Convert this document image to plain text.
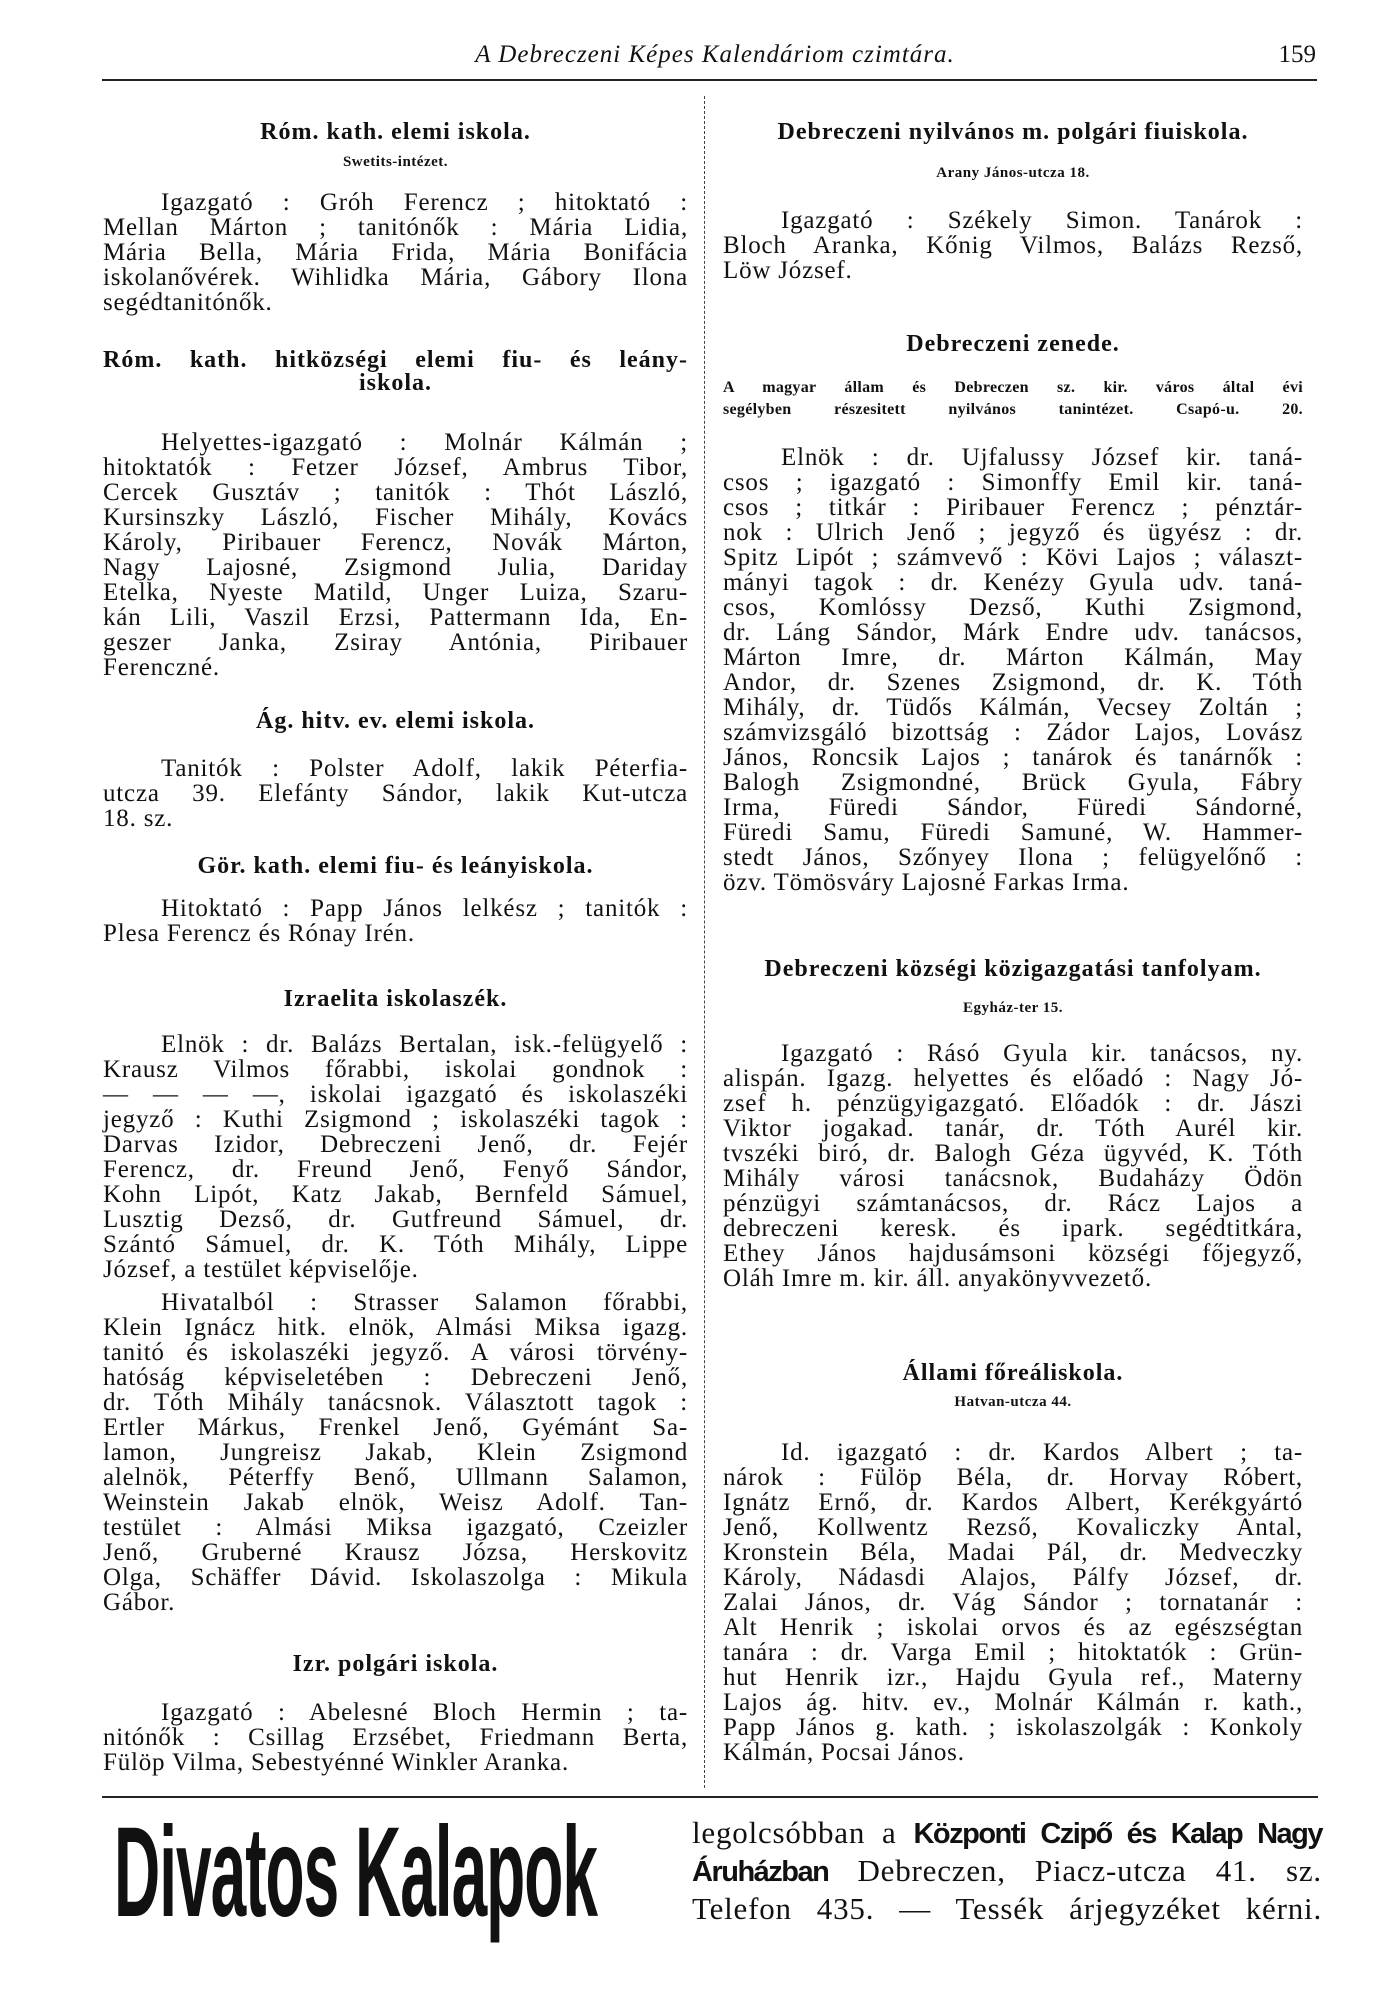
A Debreczeni Képes Kalendáriom czimtára.	159
Róm. kath. elemi iskola.
Swetits-intézet.
Igazgató : Gróh Ferencz ; hitoktató :
Mellan Márton ; tanitónők : Mária Lidia,
Mária Bella, Mária Frida, Mária Bonifácia
iskolanővérek. Wihlidka Mária, Gábory Ilona
segédtanitónők.
Róm. kath. hitközségi elemi fiu- és leány-
iskola.
Helyettes-igazgató : Molnár Kálmán ;
hitoktatók : Fetzer József, Ambrus Tibor,
Cercek Gusztáv ; tanitók : Thót László,
Kursinszky László, Fischer Mihály, Kovács
Károly, Piribauer Ferencz, Novák Márton,
Nagy Lajosné, Zsigmond Julia, Dariday
Etelka, Nyeste Matild, Unger Luiza, Szaru-
kán Lili, Vaszil Erzsi, Pattermann Ida, En-
geszer Janka, Zsiray Antónia, Piribauer
Ferenczné.
Ág. hitv. ev. elemi iskola.
Tanitók : Polster Adolf, lakik Péterfia-
utcza 39. Elefánty Sándor, lakik Kut-utcza
18. sz.
Gör. kath. elemi fiu- és leányiskola.
Hitoktató : Papp János lelkész ; tanitók :
Plesa Ferencz és Rónay Irén.
Izraelita iskolaszék.
Elnök : dr. Balázs Bertalan, isk.-felügyelő :
Krausz Vilmos főrabbi, iskolai gondnok :
— — — —, iskolai igazgató és iskolaszéki
jegyző : Kuthi Zsigmond ; iskolaszéki tagok :
Darvas Izidor, Debreczeni Jenő, dr. Fejér
Ferencz, dr. Freund Jenő, Fenyő Sándor,
Kohn Lipót, Katz Jakab, Bernfeld Sámuel,
Lusztig Dezső, dr. Gutfreund Sámuel, dr.
Szántó Sámuel, dr. K. Tóth Mihály, Lippe
József, a testület képviselője.
Hivatalból : Strasser Salamon főrabbi,
Klein Ignácz hitk. elnök, Almási Miksa igazg.
tanitó és iskolaszéki jegyző. A városi törvény-
hatóság képviseletében : Debreczeni Jenő,
dr. Tóth Mihály tanácsnok. Választott tagok :
Ertler Márkus, Frenkel Jenő, Gyémánt Sa-
lamon, Jungreisz Jakab, Klein Zsigmond
alelnök, Péterffy Benő, Ullmann Salamon,
Weinstein Jakab elnök, Weisz Adolf. Tan-
testület : Almási Miksa igazgató, Czeizler
Jenő, Gruberné Krausz Józsa, Herskovitz
Olga, Schäffer Dávid. Iskolaszolga : Mikula
Gábor.
Izr. polgári iskola.
Igazgató : Abelesné Bloch Hermin ; ta-
nitónők : Csillag Erzsébet, Friedmann Berta,
Fülöp Vilma, Sebestyénné Winkler Aranka.
Debreczeni nyilvános m. polgári fiuiskola.
Arany János-utcza 18.
Igazgató : Székely Simon. Tanárok :
Bloch Aranka, Kőnig Vilmos, Balázs Rezső,
Löw József.
Debreczeni zenede.
A magyar állam és Debreczen sz. kir. város által évi
segélyben részesitett nyilvános tanintézet. Csapó-u. 20.
Elnök : dr. Ujfalussy József kir. taná-
csos ; igazgató : Simonffy Emil kir. taná-
csos ; titkár : Piribauer Ferencz ; pénztár-
nok : Ulrich Jenő ; jegyző és ügyész : dr.
Spitz Lipót ; számvevő : Kövi Lajos ; választ-
mányi tagok : dr. Kenézy Gyula udv. taná-
csos, Komlóssy Dezső, Kuthi Zsigmond,
dr. Láng Sándor, Márk Endre udv. tanácsos,
Márton Imre, dr. Márton Kálmán, May
Andor, dr. Szenes Zsigmond, dr. K. Tóth
Mihály, dr. Tüdős Kálmán, Vecsey Zoltán ;
számvizsgáló bizottság : Zádor Lajos, Lovász
János, Roncsik Lajos ; tanárok és tanárnők :
Balogh Zsigmondné, Brück Gyula, Fábry
Irma, Füredi Sándor, Füredi Sándorné,
Füredi Samu, Füredi Samuné, W. Hammer-
stedt János, Szőnyey Ilona ; felügyelőnő :
özv. Tömösváry Lajosné Farkas Irma.
Debreczeni községi közigazgatási tanfolyam.
Egyház-ter 15.
Igazgató : Rásó Gyula kir. tanácsos, ny.
alispán. Igazg. helyettes és előadó : Nagy Jó-
zsef h. pénzügyigazgató. Előadók : dr. Jászi
Viktor jogakad. tanár, dr. Tóth Aurél kir.
tvszéki biró, dr. Balogh Géza ügyvéd, K. Tóth
Mihály városi tanácsnok, Budaházy Ödön
pénzügyi számtanácsos, dr. Rácz Lajos a
debreczeni keresk. és ipark. segédtitkára,
Ethey János hajdusámsoni községi főjegyző,
Oláh Imre m. kir. áll. anyakönyvvezető.
Állami főreáliskola.
Hatvan-utcza 44.
Id. igazgató : dr. Kardos Albert ; ta-
nárok : Fülöp Béla, dr. Horvay Róbert,
Ignátz Ernő, dr. Kardos Albert, Kerékgyártó
Jenő, Kollwentz Rezső, Kovaliczky Antal,
Kronstein Béla, Madai Pál, dr. Medveczky
Károly, Nádasdi Alajos, Pálfy József, dr.
Zalai János, dr. Vág Sándor ; tornatanár :
Alt Henrik ; iskolai orvos és az egészségtan
tanára : dr. Varga Emil ; hitoktatók : Grün-
hut Henrik izr., Hajdu Gyula ref., Materny
Lajos ág. hitv. ev., Molnár Kálmán r. kath.,
Papp János g. kath. ; iskolaszolgák : Konkoly
Kálmán, Pocsai János.
Divatos Kalapok	legolcsóbban a Központi Czipő és Kalap Nagy
Áruházban Debreczen, Piacz-utcza 41. sz.
Telefon 435. — Tessék árjegyzéket kérni.
